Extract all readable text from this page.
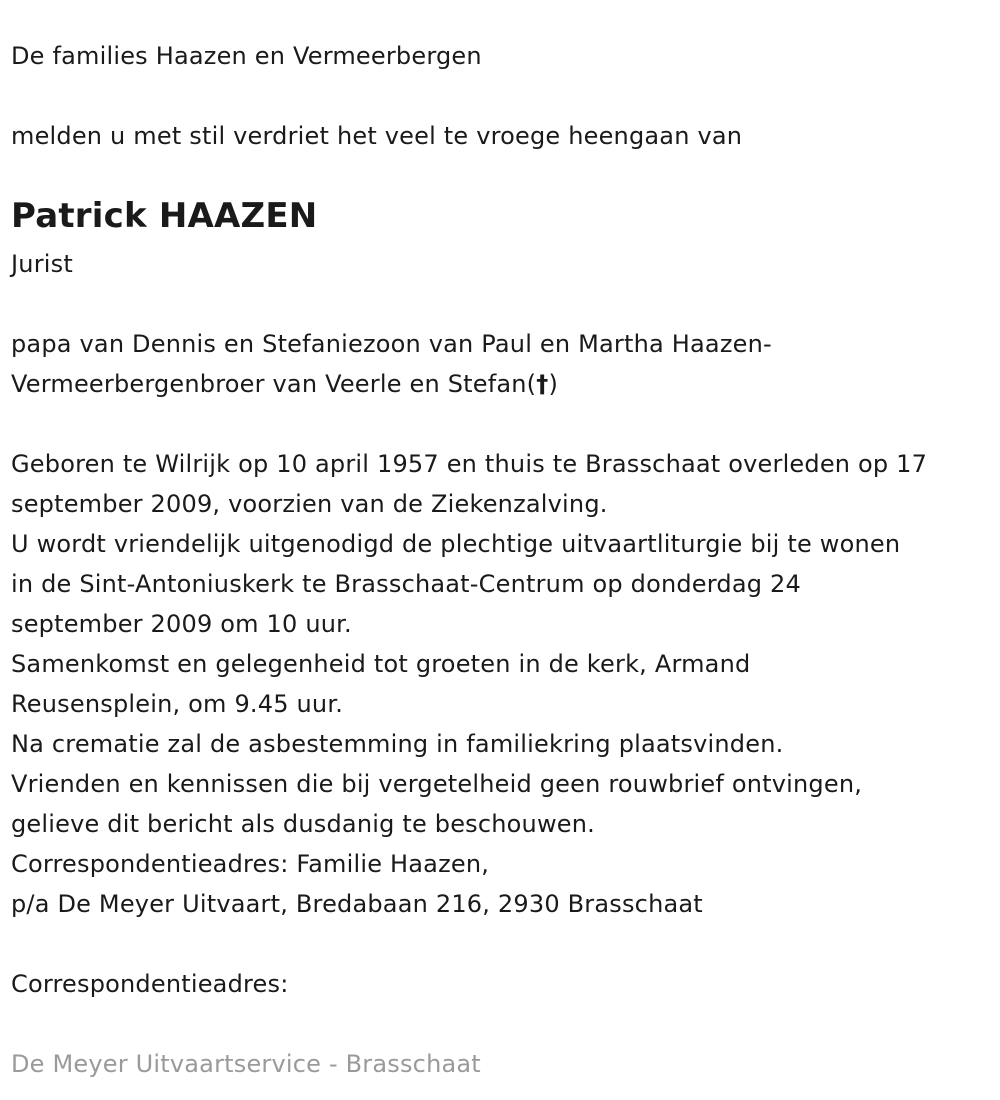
De families Haazen en Vermeerbergen
melden u met stil verdriet het veel te vroege heengaan van
Patrick HAAZEN
Jurist
papa van Dennis en Stefaniezoon van Paul en Martha Haazen-
Vermeerbergenbroer van Veerle en Stefan(†)
Geboren te Wilrijk op 10 april 1957 en thuis te Brasschaat overleden op 17
september 2009, voorzien van de Ziekenzalving.
U wordt vriendelijk uitgenodigd de plechtige uitvaartliturgie bij te wonen
in de Sint-Antoniuskerk te Brasschaat-Centrum op donderdag 24
september 2009 om 10 uur.
Samenkomst en gelegenheid tot groeten in de kerk, Armand
Reusensplein, om 9.45 uur.
Na crematie zal de asbestemming in familiekring plaatsvinden.
Vrienden en kennissen die bij vergetelheid geen rouwbrief ontvingen,
gelieve dit bericht als dusdanig te beschouwen.
Correspondentieadres: Familie Haazen,
p/a De Meyer Uitvaart, Bredabaan 216, 2930 Brasschaat
Correspondentieadres:
De Meyer Uitvaartservice - Brasschaat
